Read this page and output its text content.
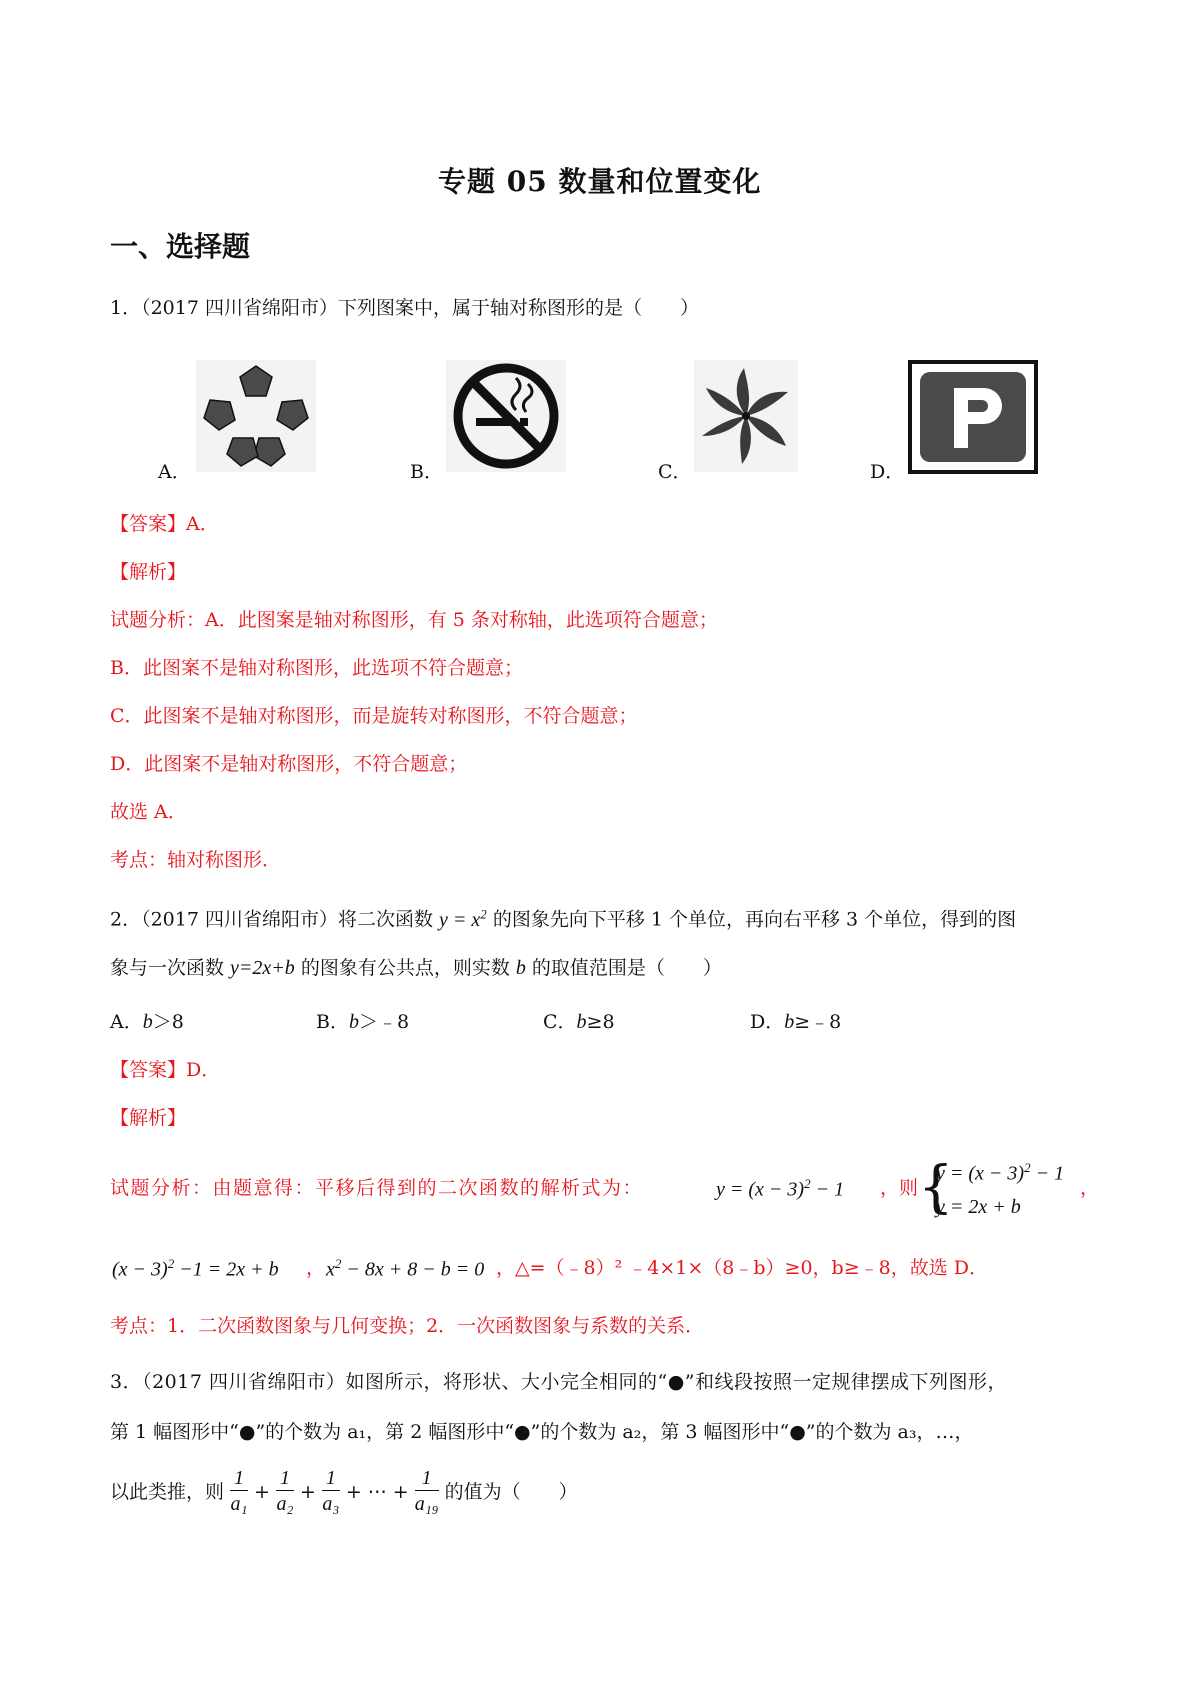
专题 05 数量和位置变化
一、选择题
1．（2017 四川省绵阳市）下列图案中，属于轴对称图形的是（　　）
A．	B．	C．	D．
【答案】A．
【解析】
试题分析：A．此图案是轴对称图形，有 5 条对称轴，此选项符合题意；
B．此图案不是轴对称图形，此选项不符合题意；
C．此图案不是轴对称图形，而是旋转对称图形，不符合题意；
D．此图案不是轴对称图形，不符合题意；
故选 A．
考点：轴对称图形．
2．（2017 四川省绵阳市）将二次函数 $y = x^2$ 的图象先向下平移 1 个单位，再向右平移 3 个单位，得到的图
象与一次函数 y=2x+b 的图象有公共点，则实数 b 的取值范围是（　　）
A．b＞8	B．b＞﹣8	C．b≥8	D．b≥﹣8
【答案】D．
【解析】
试题分析：由题意得：平移后得到的二次函数的解析式为：	$y = (x - 3)^2 - 1$ ，则 {
$y = (x - 3)^2 - 1$
y = 2x + b
，
$(x - 3)^2 -1 = 2x + b$ ， $x^2 - 8x + 8 - b = 0$ ，△=（﹣8）² ﹣4×1×（8﹣b）≥0，b≥﹣8，故选 D．
考点：1．二次函数图象与几何变换；2．一次函数图象与系数的关系．
3．（2017 四川省绵阳市）如图所示，将形状、大小完全相同的“●”和线段按照一定规律摆成下列图形，
第 1 幅图形中“●”的个数为 a₁，第 2 幅图形中“●”的个数为 a₂，第 3 幅图形中“●”的个数为 a₃，…，
以此类推，则 $\frac{1}{\text{a₁}} + \frac{1}{\text{a₂}} + \frac{1}{\text{a₃}}$ + ⋯ + $\frac{1}{\text{a₁₉}}$ 的值为（　　）
